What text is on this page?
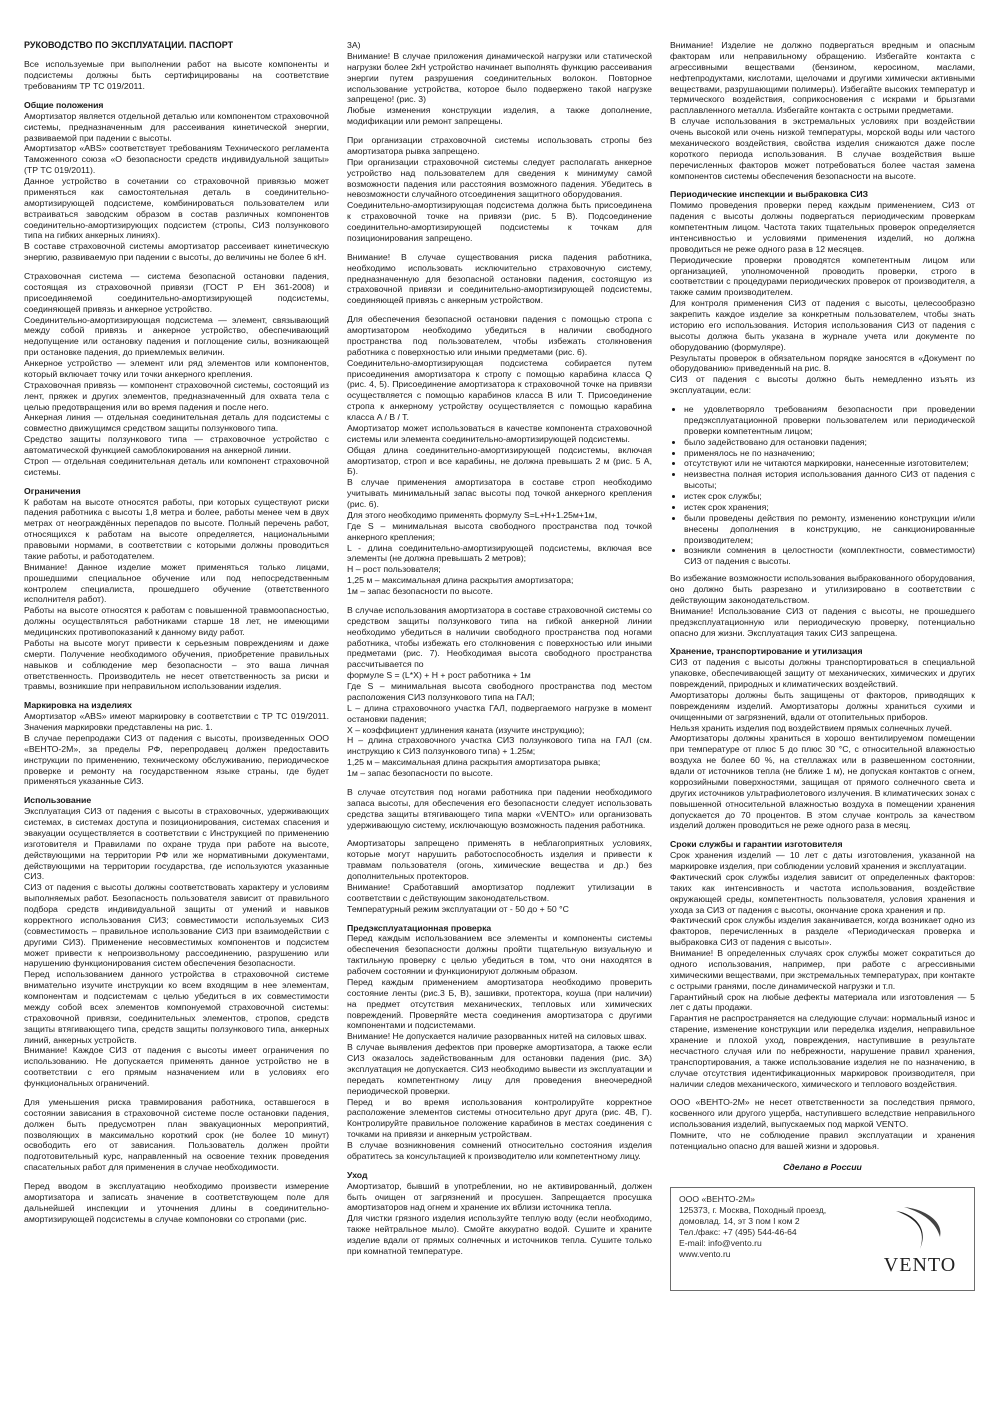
РУКОВОДСТВО ПО ЭКСПЛУАТАЦИИ. ПАСПОРТ
Все используемые при выполнении работ на высоте компоненты и подсистемы должны быть сертифицированы на соответствие требованиям ТР ТС 019/2011.
Общие положения
Амортизатор является отдельной деталью или компонентом страховочной системы, предназначенным для рассеивания кинетической энергии, развиваемой при падении с высоты.
Амортизатор «ABS» соответствует требованиям Технического регламента Таможенного союза «О безопасности средств индивидуальной защиты» (ТР ТС 019/2011).
Данное устройство в сочетании со страховочной привязью может применяться как самостоятельная деталь в соединительно-амортизирующей подсистеме, комбинироваться пользователем или встраиваться заводским образом в состав различных компонентов соединительно-амортизирующих подсистем (стропы, СИЗ ползункового типа на гибких анкерных линиях).
В составе страховочной системы амортизатор рассеивает кинетическую энергию, развиваемую при падении с высоты, до величины не более 6 кН.
Страховочная система — система безопасной остановки падения, состоящая из страховочной привязи (ГОСТ Р ЕН 361-2008) и присоединяемой соединительно-амортизирующей подсистемы, соединяющей привязь и анкерное устройство.
Соединительно-амортизирующая подсистема — элемент, связывающий между собой привязь и анкерное устройство, обеспечивающий недопущение или остановку падения и поглощение силы, возникающей при остановке падения, до приемлемых величин.
Анкерное устройство — элемент или ряд элементов или компонентов, который включает точку или точки анкерного крепления.
Страховочная привязь — компонент страховочной системы, состоящий из лент, пряжек и других элементов, предназначенный для охвата тела с целью предотвращения или во время падения и после него.
Анкерная линия — отдельная соединительная деталь для подсистемы с совместно движущимся средством защиты ползункового типа.
Средство защиты ползункового типа — страховочное устройство с автоматической функцией самоблокирования на анкерной линии.
Строп — отдельная соединительная деталь или компонент страховочной системы.
Ограничения
К работам на высоте относятся работы, при которых существуют риски падения работника с высоты 1,8 метра и более, работы менее чем в двух метрах от неограждённых перепадов по высоте. Полный перечень работ, относящихся к работам на высоте определяется, национальными правовыми нормами, в соответствии с которыми должны проводиться такие работы, и работодателем.
Внимание! Данное изделие может применяться только лицами, прошедшими специальное обучение или под непосредственным контролем специалиста, прошедшего обучение (ответственного исполнителя работ).
Работы на высоте относятся к работам с повышенной травмоопасностью, должны осуществляться работниками старше 18 лет, не имеющими медицинских противопоказаний к данному виду работ.
Работы на высоте могут привести к серьезным повреждениям и даже смерти. Получение необходимого обучения, приобретение правильных навыков и соблюдение мер безопасности – это ваша личная ответственность. Производитель не несет ответственность за риски и травмы, возникшие при неправильном использовании изделия.
Маркировка на изделиях
Амортизатор «ABS» имеют маркировку в соответствии с ТР ТС 019/2011. Значения маркировки представлены на рис. 1.
В случае перепродажи СИЗ от падения с высоты, произведенных ООО «ВЕНТО-2М», за пределы РФ, перепродавец должен предоставить инструкции по применению, техническому обслуживанию, периодическое проверке и ремонту на государственном языке страны, где будет применяться указанные СИЗ.
Использование
Эксплуатация СИЗ от падения с высоты в страховочных, удерживающих системах, в системах доступа и позиционирования, системах спасения и эвакуации осуществляется в соответствии с Инструкцией по применению изготовителя и Правилами по охране труда при работе на высоте, действующими на территории РФ или же нормативными документами, действующими на территории государства, где используются указанные СИЗ.
СИЗ от падения с высоты должны соответствовать характеру и условиям выполняемых работ. Безопасность пользователя зависит от правильного подбора средств индивидуальной защиты от умений и навыков корректного использования СИЗ; совместимости используемых СИЗ (совместимость – правильное использование СИЗ при взаимодействии с другими СИЗ). Применение несовместимых компонентов и подсистем может привести к непроизвольному рассоединению, разрушению или нарушению функционирования систем обеспечения безопасности.
Перед использованием данного устройства в страховочной системе внимательно изучите инструкции ко всем входящим в нее элементам, компонентам и подсистемам с целью убедиться в их совместимости между собой всех элементов компонуемой страховочной системы: страховочной привязи, соединительных элементов, стропов, средств защиты втягивающего типа, средств защиты ползункового типа, анкерных линий, анкерных устройств.
Внимание! Каждое СИЗ от падения с высоты имеет ограничения по использованию. Не допускается применять данное устройство не в соответствии с его прямым назначением или в условиях его функциональных ограничений.
Для уменьшения риска травмирования работника, оставшегося в состоянии зависания в страховочной системе после остановки падения, должен быть предусмотрен план эвакуационных мероприятий, позволяющих в максимально короткий срок (не более 10 минут) освободить его от зависания. Пользователь должен пройти подготовительный курс, направленный на освоение техник проведения спасательных работ для применения в случае необходимости.
Перед вводом в эксплуатацию необходимо произвести измерение амортизатора и записать значение в соответствующем поле для дальнейшей инспекции и уточнения длины в соединительно-амортизирующей подсистемы в случае компоновки со стропами (рис.
3А)
Внимание! В случае приложения динамической нагрузки или статической нагрузки более 2кН устройство начинает выполнять функцию рассеивания энергии путем разрушения соединительных волокон. Повторное использование устройства, которое было подвержено такой нагрузке запрещено! (рис. 3)
Любые изменения конструкции изделия, а также дополнение, модификации или ремонт запрещены.
При организации страховочной системы использовать стропы без амортизатора рывка запрещено.
При организации страховочной системы следует располагать анкерное устройство над пользователем для сведения к минимуму самой возможности падения или расстояния возможного падения. Убедитесь в невозможности случайного отсоединения защитного оборудования.
Соединительно-амортизирующая подсистема должна быть присоединена к страховочной точке на привязи (рис. 5 В). Подсоединение соединительно-амортизирующей подсистемы к точкам для позиционирования запрещено.
Внимание! В случае существования риска падения работника, необходимо использовать исключительно страховочную систему, предназначенную для безопасной остановки падения, состоящую из страховочной привязи и соединительно-амортизирующей подсистемы, соединяющей привязь с анкерным устройством.
Для обеспечения безопасной остановки падения с помощью стропа с амортизатором необходимо убедиться в наличии свободного пространства под пользователем, чтобы избежать столкновения работника с поверхностью или иными предметами (рис. 6).
Соединительно-амортизирующая подсистема собирается путем присоединения амортизатора к стропу с помощью карабина класса Q (рис. 4, 5). Присоединение амортизатора к страховочной точке на привязи осуществляется с помощью карабинов класса B или T. Присоединение стропа к анкерному устройству осуществляется с помощью карабина класса A / B / T.
Амортизатор может использоваться в качестве компонента страховочной системы или элемента соединительно-амортизирующей подсистемы.
Общая длина соединительно-амортизирующей подсистемы, включая амортизатор, строп и все карабины, не должна превышать 2 м (рис. 5 А, Б).
В случае применения амортизатора в составе строп необходимо учитывать минимальный запас высоты под точкой анкерного крепления (рис. 6).
Для этого необходимо применять формулу S=L+H+1.25м+1м,
Где S – минимальная высота свободного пространства под точкой анкерного крепления;
L - длина соединительно-амортизирующей подсистемы, включая все элементы (не должна превышать 2 метров);
H – рост пользователя;
1,25 м – максимальная длина раскрытия амортизатора;
1м – запас безопасности по высоте.
В случае использования амортизатора в составе страховочной системы со средством защиты ползункового типа на гибкой анкерной линии необходимо убедиться в наличии свободного пространства под ногами работника, чтобы избежать его столкновения с поверхностью или иными предметами (рис. 7). Необходимая высота свободного пространства рассчитывается по
формуле S = (L*X) + H + рост работника + 1м
Где S – минимальная высота свободного пространства под местом расположения СИЗ ползункового типа на ГАЛ;
L – длина страховочного участка ГАЛ, подвергаемого нагрузке в момент остановки падения;
X – коэффициент удлинения каната (изучите инструкцию);
H – длина страховочного участка СИЗ ползункового типа на ГАЛ (см. инструкцию к СИЗ ползункового типа) + 1.25м;
1,25 м – максимальная длина раскрытия амортизатора рывка;
1м – запас безопасности по высоте.
В случае отсутствия под ногами работника при падении необходимого запаса высоты, для обеспечения его безопасности следует использовать средства защиты втягивающего типа марки «VENTO» или организовать удерживающую систему, исключающую возможность падения работника.
Амортизаторы запрещено применять в неблагоприятных условиях, которые могут нарушить работоспособность изделия и привести к травмам пользователя (огонь, химические вещества и др.) без дополнительных протекторов.
Внимание! Сработавший амортизатор подлежит утилизации в соответствии с действующим законодательством.
Температурный режим эксплуатации от - 50 до + 50 °С
Предэксплуатационная проверка
Перед каждым использованием все элементы и компоненты системы обеспечения безопасности должны пройти тщательную визуальную и тактильную проверку с целью убедиться в том, что они находятся в рабочем состоянии и функционируют должным образом.
Перед каждым применением амортизатора необходимо проверить состояние ленты (рис.3 Б, В), зашивки, протектора, коуша (при наличии) на предмет отсутствия механических, тепловых или химических повреждений. Проверяйте места соединения амортизатора с другими компонентами и подсистемами.
Внимание! Не допускается наличие разорванных нитей на силовых швах.
В случае выявления дефектов при проверке амортизатора, а также если СИЗ оказалось задействованным для остановки падения (рис. 3А) эксплуатация не допускается. СИЗ необходимо вывести из эксплуатации и передать компетентному лицу для проведения внеочередной периодической проверки.
Перед и во время использования контролируйте корректное расположение элементов системы относительно друг друга (рис. 4В, Г). Контролируйте правильное положение карабинов в местах соединения с точками на привязи и анкерным устройствам.
В случае возникновения сомнений относительно состояния изделия обратитесь за консультацией к производителю или компетентному лицу.
Уход
Амортизатор, бывший в употреблении, но не активированный, должен быть очищен от загрязнений и просушен. Запрещается просушка амортизаторов над огнем и хранение их вблизи источника тепла.
Для чистки грязного изделия используйте теплую воду (если необходимо, также нейтральное мыло). Смойте аккуратно водой. Сушите и храните изделие вдали от прямых солнечных и источников тепла. Сушите только при комнатной температуре.
Внимание! Изделие не должно подвергаться вредным и опасным факторам или неправильному обращению. Избегайте контакта с агрессивными веществами (бензином, керосином, маслами, нефтепродуктами, кислотами, щелочами и другими химически активными веществами, разрушающими полимеры). Избегайте высоких температур и термического воздействия, соприкосновения с искрами и брызгами расплавленного металла. Избегайте контакта с острыми предметами.
В случае использования в экстремальных условиях при воздействии очень высокой или очень низкой температуры, морской воды или частого механического воздействия, свойства изделия снижаются даже после короткого периода использования. В случае воздействия выше перечисленных факторов может потребоваться более частая замена компонентов системы обеспечения безопасности на высоте.
Периодические инспекции и выбраковка СИЗ
Помимо проведения проверки перед каждым применением, СИЗ от падения с высоты должны подвергаться периодическим проверкам компетентным лицом. Частота таких тщательных проверок определяется интенсивностью и условиями применения изделий, но должна проводиться не реже одного раза в 12 месяцев.
Периодические проверки проводятся компетентным лицом или организацией, уполномоченной проводить проверки, строго в соответствии с процедурами периодических проверок от производителя, а также самим производителем.
Для контроля применения СИЗ от падения с высоты, целесообразно закрепить каждое изделие за конкретным пользователем, чтобы знать историю его использования. История использования СИЗ от падения с высоты должна быть указана в журнале учета или документе по оборудованию (формуляре).
Результаты проверок в обязательном порядке заносятся в «Документ по оборудованию» приведенный на рис. 8.
СИЗ от падения с высоты должно быть немедленно изъять из эксплуатации, если:
• не удовлетворяло требованиям безопасности при проведении предэксплуатационной проверки пользователем или периодической проверки компетентным лицом;
• было задействовано для остановки падения;
• применялось не по назначению;
• отсутствуют или не читаются маркировки, нанесенные изготовителем;
• неизвестна полная история использования данного СИЗ от падения с высоты;
• истек срок службы;
• истек срок хранения;
• были проведены действия по ремонту, изменению конструкции и/или внесены дополнения в конструкцию, не санкционированные производителем;
• возникли сомнения в целостности (комплектности, совместимости) СИЗ от падения с высоты.
Во избежание возможности использования выбракованного оборудования, оно должно быть разрезано и утилизировано в соответствии с действующим законодательством.
Внимание! Использование СИЗ от падения с высоты, не прошедшего предэксплуатационную или периодическую проверку, потенциально опасно для жизни. Эксплуатация таких СИЗ запрещена.
Хранение, транспортирование и утилизация
СИЗ от падения с высоты должны транспортироваться в специальной упаковке, обеспечивающей защиту от механических, химических и других повреждений, природных и климатических воздействий.
Амортизаторы должны быть защищены от факторов, приводящих к повреждениям изделий. Амортизаторы должны храниться сухими и очищенными от загрязнений, вдали от отопительных приборов.
Нельзя хранить изделия под воздействием прямых солнечных лучей.
Амортизаторы должны храниться в хорошо вентилируемом помещении при температуре от плюс 5 до плюс 30 °С, с относительной влажностью воздуха не более 60 %, на стеллажах или в развешенном состоянии, вдали от источников тепла (не ближе 1 м), не допуская контактов с огнем, коррозийными поверхностями, защищая от прямого солнечного света и других источников ультрафиолетового излучения. В климатических зонах с повышенной относительной влажностью воздуха в помещении хранения допускается до 70 процентов. В этом случае контроль за качеством изделий должен проводиться не реже одного раза в месяц.
Сроки службы и гарантии изготовителя
Срок хранения изделий — 10 лет с даты изготовления, указанной на маркировке изделия, при соблюдении условий хранения и эксплуатации.
Фактический срок службы изделия зависит от определенных факторов: таких как интенсивность и частота использования, воздействие окружающей среды, компетентность пользователя, условия хранения и ухода за СИЗ от падения с высоты, окончание срока хранения и пр.
Фактический срок службы изделия заканчивается, когда возникает одно из факторов, перечисленных в разделе «Периодическая проверка и выбраковка СИЗ от падения с высоты».
Внимание! В определенных случаях срок службы может сократиться до одного использования, например, при работе с агрессивными химическими веществами, при экстремальных температурах, при контакте с острыми гранями, после динамической нагрузки и т.п.
Гарантийный срок на любые дефекты материала или изготовления — 5 лет с даты продажи.
Гарантия не распространяется на следующие случаи: нормальный износ и старение, изменение конструкции или переделка изделия, неправильное хранение и плохой уход, повреждения, наступившие в результате несчастного случая или по небрежности, нарушение правил хранения, транспортирования, а также использование изделия не по назначению, в случае отсутствия идентификационных маркировок производителя, при наличии следов механического, химического и теплового воздействия.
ООО «ВЕНТО-2М» не несет ответственности за последствия прямого, косвенного или другого ущерба, наступившего вследствие неправильного использования изделий, выпускаемых под маркой VENTO.
Помните, что не соблюдение правил эксплуатации и хранения потенциально опасно для вашей жизни и здоровья.
Сделано в России
ООО «ВЕНТО-2М»
125373, г. Москва, Походный проезд,
домовлад. 14, эт 3 пом I ком 2
Тел./факс: +7 (495) 544-46-64
E-mail: info@vento.ru
www.vento.ru	VENTO
